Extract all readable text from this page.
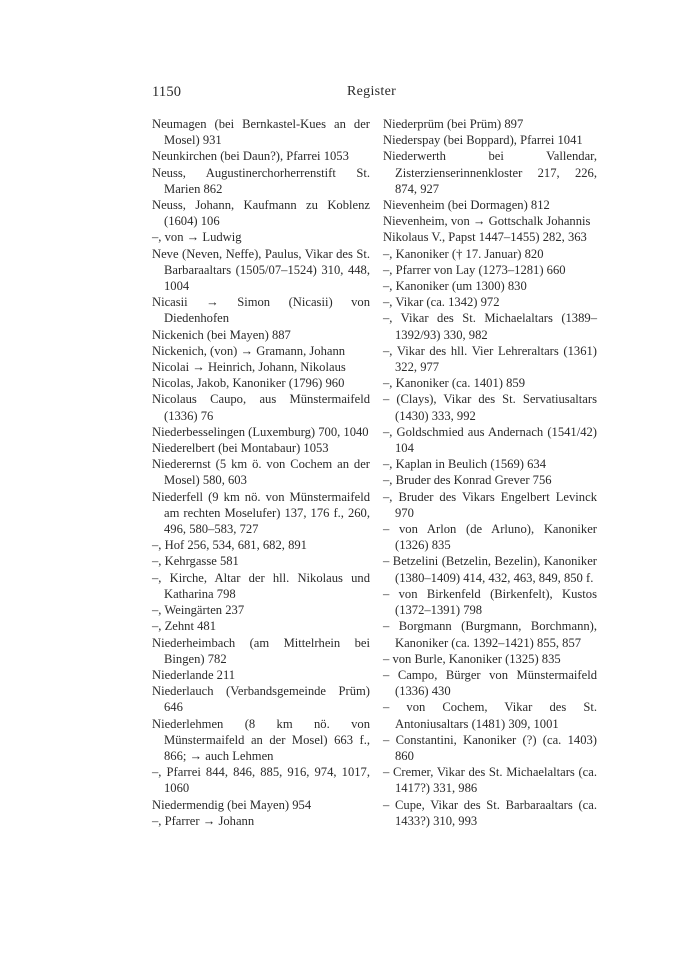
1150	Register

Neumagen (bei Bernkastel-Kues an der Mosel) 931

Neunkirchen (bei Daun?), Pfarrei 1053

Neuss, Augustinerchorherrenstift St. Marien 862

Neuss, Johann, Kaufmann zu Koblenz (1604) 106

–, von → Ludwig

Neve (Neven, Neffe), Paulus, Vikar des St. Barbaraaltars (1505/07–1524) 310, 448, 1004

Nicasii → Simon (Nicasii) von Diedenhofen

Nickenich (bei Mayen) 887

Nickenich, (von) → Gramann, Johann

Nicolai → Heinrich, Johann, Nikolaus

Nicolas, Jakob, Kanoniker (1796) 960

Nicolaus Caupo, aus Münstermaifeld (1336) 76

Niederbesselingen (Luxemburg) 700, 1040

Niederelbert (bei Montabaur) 1053

Niederernst (5 km ö. von Cochem an der Mosel) 580, 603

Niederfell (9 km nö. von Münstermaifeld am rechten Moselufer) 137, 176 f., 260, 496, 580–583, 727

–, Hof 256, 534, 681, 682, 891

–, Kehrgasse 581

–, Kirche, Altar der hll. Nikolaus und Katharina 798

–, Weingärten 237

–, Zehnt 481

Niederheimbach (am Mittelrhein bei Bingen) 782

Niederlande 211

Niederlauch (Verbandsgemeinde Prüm) 646

Niederlehmen (8 km nö. von Münstermaifeld an der Mosel) 663 f., 866; → auch Lehmen

–, Pfarrei 844, 846, 885, 916, 974, 1017, 1060

Niedermendig (bei Mayen) 954

–, Pfarrer → Johann

Niederprüm (bei Prüm) 897

Niederspay (bei Boppard), Pfarrei 1041

Niederwerth bei Vallendar, Zisterzienserinnenkloster 217, 226, 874, 927

Nievenheim (bei Dormagen) 812

Nievenheim, von → Gottschalk Johannis

Nikolaus V., Papst 1447–1455) 282, 363

–, Kanoniker († 17. Januar) 820

–, Pfarrer von Lay (1273–1281) 660

–, Kanoniker (um 1300) 830

–, Vikar (ca. 1342) 972

–, Vikar des St. Michaelaltars (1389–1392/93) 330, 982

–, Vikar des hll. Vier Lehreraltars (1361) 322, 977

–, Kanoniker (ca. 1401) 859

– (Clays), Vikar des St. Servatiusaltars (1430) 333, 992

–, Goldschmied aus Andernach (1541/42) 104

–, Kaplan in Beulich (1569) 634

–, Bruder des Konrad Grever 756

–, Bruder des Vikars Engelbert Levinck 970

– von Arlon (de Arluno), Kanoniker (1326) 835

– Betzelini (Betzelin, Bezelin), Kanoniker (1380–1409) 414, 432, 463, 849, 850 f.

– von Birkenfeld (Birkenfelt), Kustos (1372–1391) 798

– Borgmann (Burgmann, Borchmann), Kanoniker (ca. 1392–1421) 855, 857

– von Burle, Kanoniker (1325) 835

– Campo, Bürger von Münstermaifeld (1336) 430

– von Cochem, Vikar des St. Antoniusaltars (1481) 309, 1001

– Constantini, Kanoniker (?) (ca. 1403) 860

– Cremer, Vikar des St. Michaelaltars (ca. 1417?) 331, 986

– Cupe, Vikar des St. Barbaraaltars (ca. 1433?) 310, 993
